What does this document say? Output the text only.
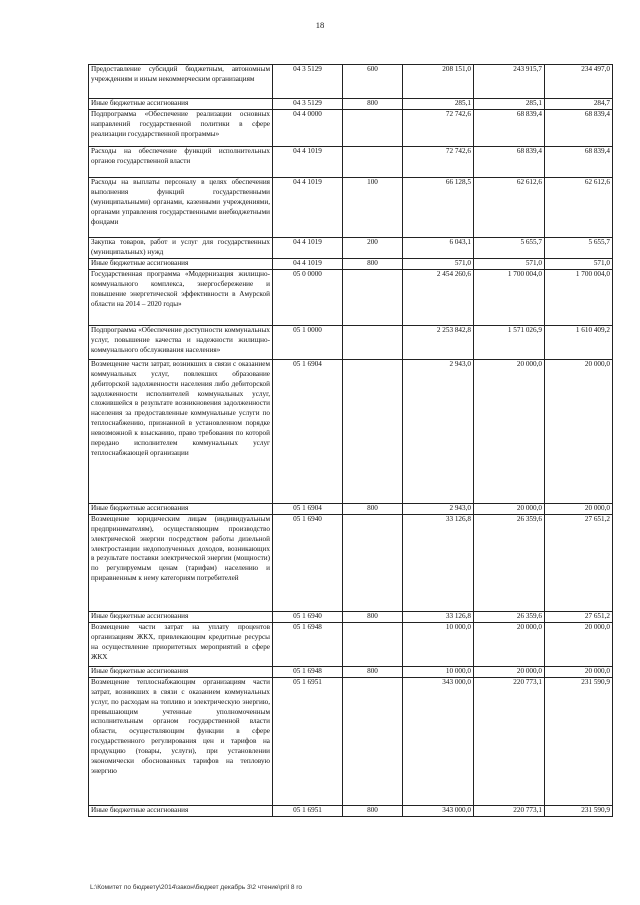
18
Предоставление субсидий бюджетным, автономным учреждениям и иным некоммерческим организациям	04 3 5129	600	208 151,0	243 915,7	234 497,0
Иные бюджетные ассигнования	04 3 5129	800	285,1	285,1	284,7
Подпрограмма «Обеспечение реализации основных направлений государственной политики в сфере реализации государственной программы»	04 4 0000		72 742,6	68 839,4	68 839,4
Расходы на обеспечение функций исполнительных органов государственной власти	04 4 1019		72 742,6	68 839,4	68 839,4
Расходы на выплаты персоналу в целях обеспечения выполнения функций государственными (муниципальными) органами, казенными учреждениями, органами управления государственными внебюджетными фондами	04 4 1019	100	66 128,5	62 612,6	62 612,6
Закупка товаров, работ и услуг для государственных (муниципальных) нужд	04 4 1019	200	6 043,1	5 655,7	5 655,7
Иные бюджетные ассигнования	04 4 1019	800	571,0	571,0	571,0
Государственная программа «Модернизация жилищно-коммунального комплекса, энергосбережение и повышение энергетической эффективности в Амурской области на 2014 – 2020 годы»	05 0 0000		2 454 260,6	1 700 004,0	1 700 004,0
Подпрограмма «Обеспечение доступности коммунальных услуг, повышение качества и надежности жилищно-коммунального обслуживания населения»	05 1 0000		2 253 842,8	1 571 026,9	1 610 409,2
Возмещение части затрат, возникших в связи с оказанием коммунальных услуг, повлекших образование дебиторской задолженности населения либо дебиторской задолженности исполнителей коммунальных услуг, сложившейся в результате возникновения задолженности населения за предоставленные коммунальные услуги по теплоснабжению, признанной в установленном порядке невозможной к взысканию, право требования по которой передано исполнителем коммунальных услуг теплоснабжающей организации	05 1 6904		2 943,0	20 000,0	20 000,0
Иные бюджетные ассигнования	05 1 6904	800	2 943,0	20 000,0	20 000,0
Возмещение юридическим лицам (индивидуальным предпринимателям), осуществляющим производство электрической энергии посредством работы дизельной электростанции недополученных доходов, возникающих в результате поставки электрической энергии (мощности) по регулируемым ценам (тарифам) населению и приравненным к нему категориям потребителей	05 1 6940		33 126,8	26 359,6	27 651,2
Иные бюджетные ассигнования	05 1 6940	800	33 126,8	26 359,6	27 651,2
Возмещение части затрат на уплату процентов организациям ЖКХ, привлекающим кредитные ресурсы на осуществление приоритетных мероприятий в сфере ЖКХ	05 1 6948		10 000,0	20 000,0	20 000,0
Иные бюджетные ассигнования	05 1 6948	800	10 000,0	20 000,0	20 000,0
Возмещение теплоснабжающим организациям части затрат, возникших в связи с оказанием коммунальных услуг, по расходам на топливо и электрическую энергию, превышающим учтенные уполномоченным исполнительным органом государственной власти области, осуществляющим функции в сфере государственного регулирования цен и тарифов на продукцию (товары, услуги), при установлении экономически обоснованных тарифов на тепловую энергию	05 1 6951		343 000,0	220 773,1	231 590,9
Иные бюджетные ассигнования	05 1 6951	800	343 000,0	220 773,1	231 590,9
L:\Комитет по бюджету\2014\закон\бюджет декабрь 3\2 чтение\pril 8 ro
